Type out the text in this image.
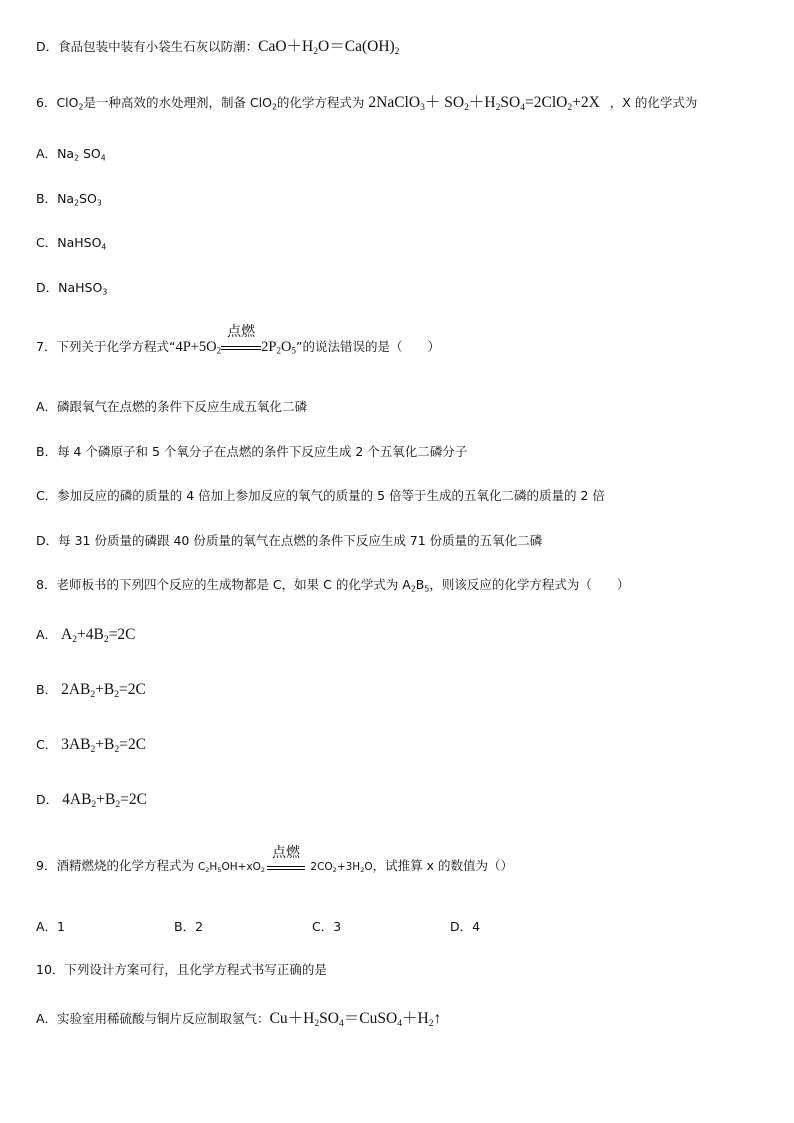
D．食品包装中装有小袋生石灰以防潮：$CaO+H_2O=Ca(OH)_2$
6．ClO$_2$是一种高效的水处理剂，制备 ClO$_2$的化学方程式为 2NaClO$_3$＋ $SO_2+H_2SO_4=2ClO_2+2X$ ，X 的化学式为
A．$Na_2$ $SO_4$
B．$Na_2SO_3$
C．NaHSO$_4$
D．NaHSO$_3$
7．下列关于化学方程式“$4P+5O_2$
点燃
$2P_2O_5$”的说法错误的是（　　）
A．磷跟氧气在点燃的条件下反应生成五氧化二磷
B．每 4 个磷原子和 5 个氧分子在点燃的条件下反应生成 2 个五氧化二磷分子
C．参加反应的磷的质量的 4 倍加上参加反应的氧气的质量的 5 倍等于生成的五氧化二磷的质量的 2 倍
D．每 31 份质量的磷跟 40 份质量的氧气在点燃的条件下反应生成 71 份质量的五氧化二磷
8．老师板书的下列四个反应的生成物都是 C，如果 C 的化学式为 $A_2B_5$，则该反应的化学方程式为（　　）
A． $A_2+4B_2=2C$
B． $2AB_2+B_2=2C$
C． $3AB_2+B_2=2C$
D． $4AB_2+B_2=2C$
9．酒精燃烧的化学方程式为 $C_2H_5OH+xO_2$
点燃
$2CO_2+3H_2O$，试推算 x 的数值为（）
A．1	B．2	C．3	D．4
10．下列设计方案可行，且化学方程式书写正确的是
A．实验室用稀硫酸与铜片反应制取氢气：$Cu+H_2SO_4=CuSO_4+H_2↑$
